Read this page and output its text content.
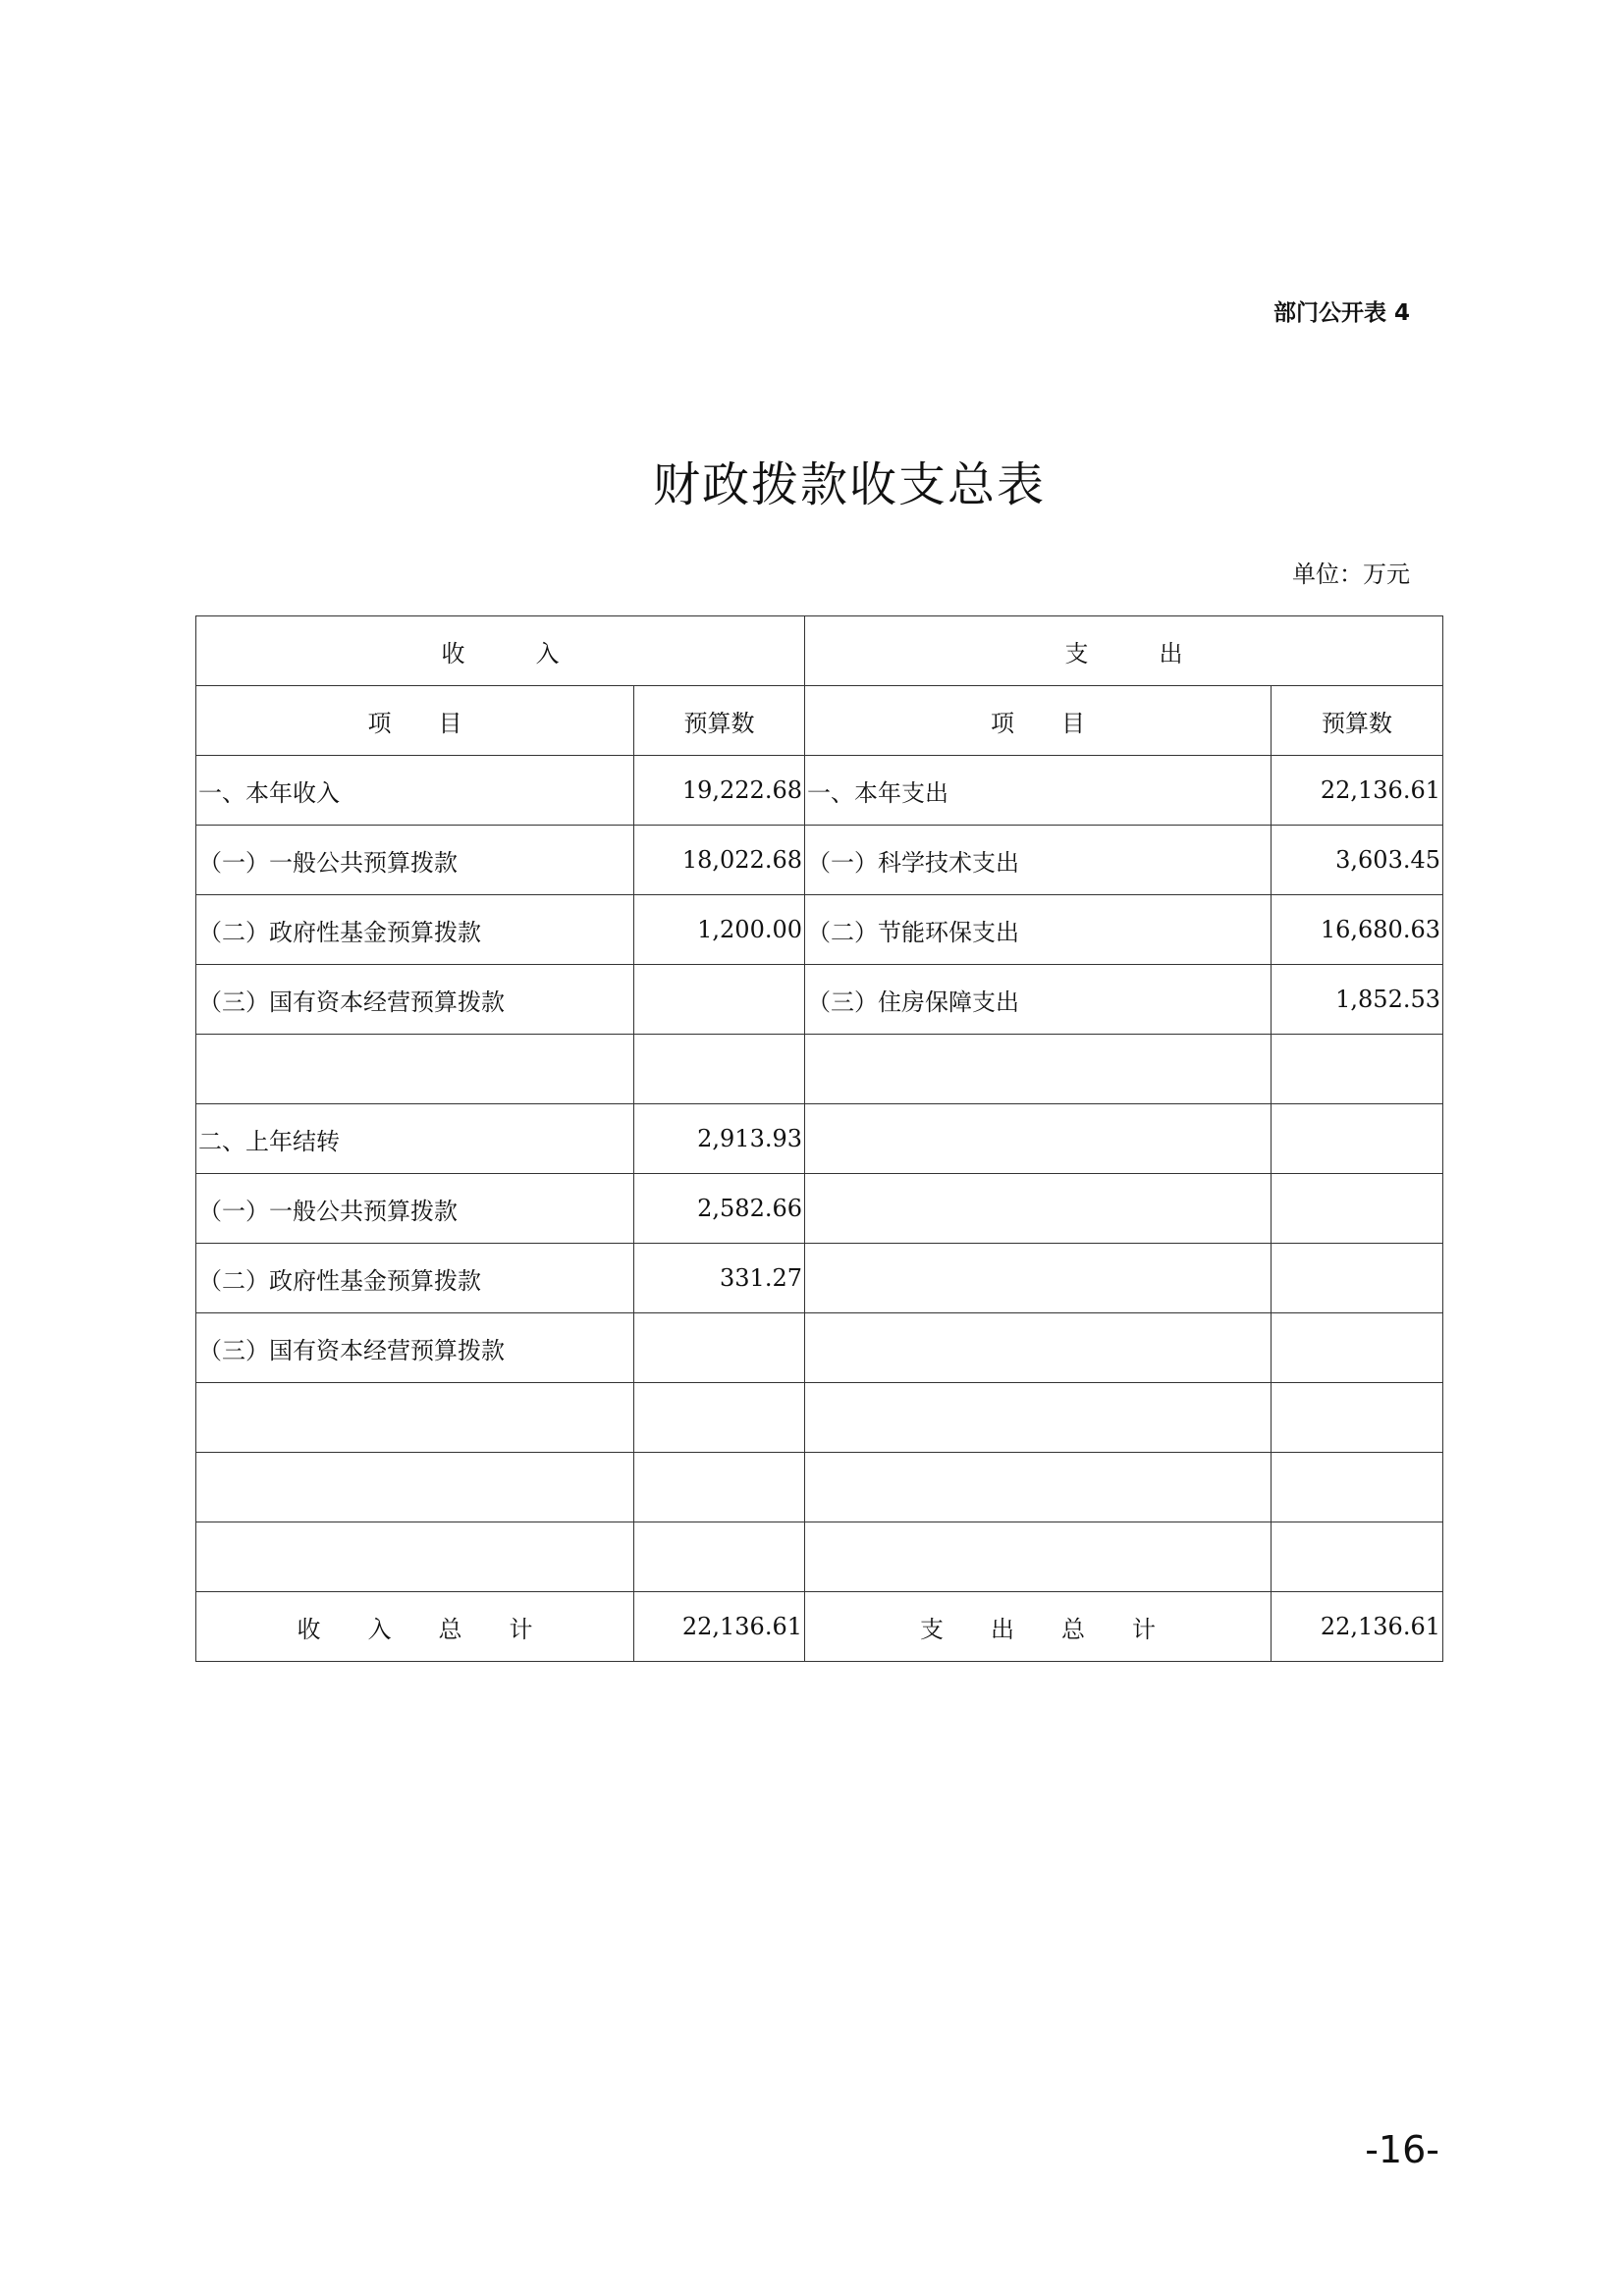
部门公开表 4

财政拨款收支总表

单位：万元

收　　　入		支　　　出	
项　　目	预算数	项　　目	预算数
一、本年收入	19,222.68	一、本年支出	22,136.61
（一）一般公共预算拨款	18,022.68	（一）科学技术支出	3,603.45
（二）政府性基金预算拨款	1,200.00	（二）节能环保支出	16,680.63
（三）国有资本经营预算拨款		（三）住房保障支出	1,852.53

二、上年结转	2,913.93		
（一）一般公共预算拨款	2,582.66		
（二）政府性基金预算拨款	331.27		
（三）国有资本经营预算拨款			

收　　入　　总　　计	22,136.61	支　　出　　总　　计	22,136.61

-16-
